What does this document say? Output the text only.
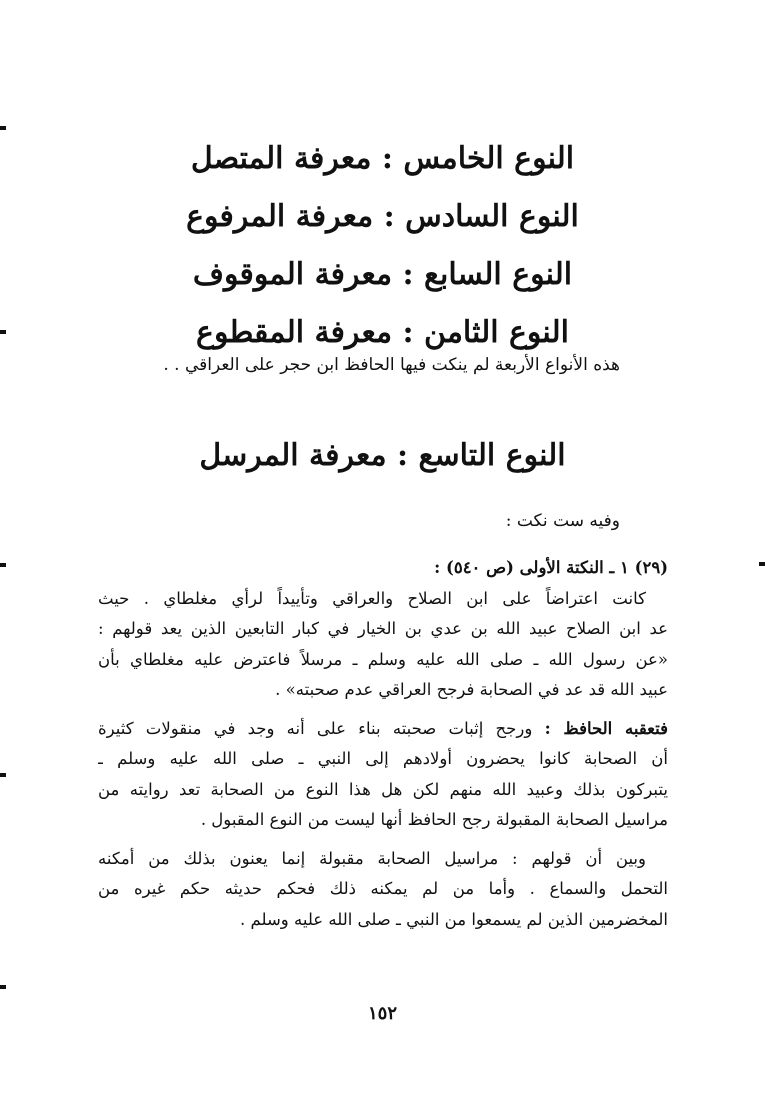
النوع الخامس : معرفة المتصل
النوع السادس : معرفة المرفوع
النوع السابع : معرفة الموقوف
النوع الثامن : معرفة المقطوع
هذه الأنواع الأربعة لم ينكت فيها الحافظ ابن حجر على العراقي . .
النوع التاسع : معرفة المرسل
وفيه ست نكت :
(٢٩) ١ ـ النكتة الأولى (ص ٥٤٠) :
كانت اعتراضاً على ابن الصلاح والعراقي وتأييداً لرأي مغلطاي . حيث
عد ابن الصلاح عبيد الله بن عدي بن الخيار في كبار التابعين الذين يعد قولهم :
«عن رسول الله ـ صلى الله عليه وسلم ـ مرسلاً فاعترض عليه مغلطاي بأن
عبيد الله قد عد في الصحابة فرجح العراقي عدم صحبته» .
فتعقبه الحافظ : ورجح إثبات صحبته بناء على أنه وجد في منقولات كثيرة
أن الصحابة كانوا يحضرون أولادهم إلى النبي ـ صلى الله عليه وسلم ـ
يتبركون بذلك وعبيد الله منهم لكن هل هذا النوع من الصحابة تعد روايته من
مراسيل الصحابة المقبولة رجح الحافظ أنها ليست من النوع المقبول .
وبين أن قولهم : مراسيل الصحابة مقبولة إنما يعنون بذلك من أمكنه
التحمل والسماع . وأما من لم يمكنه ذلك فحكم حديثه حكم غيره من
المخضرمين الذين لم يسمعوا من النبي ـ صلى الله عليه وسلم .
١٥٢
